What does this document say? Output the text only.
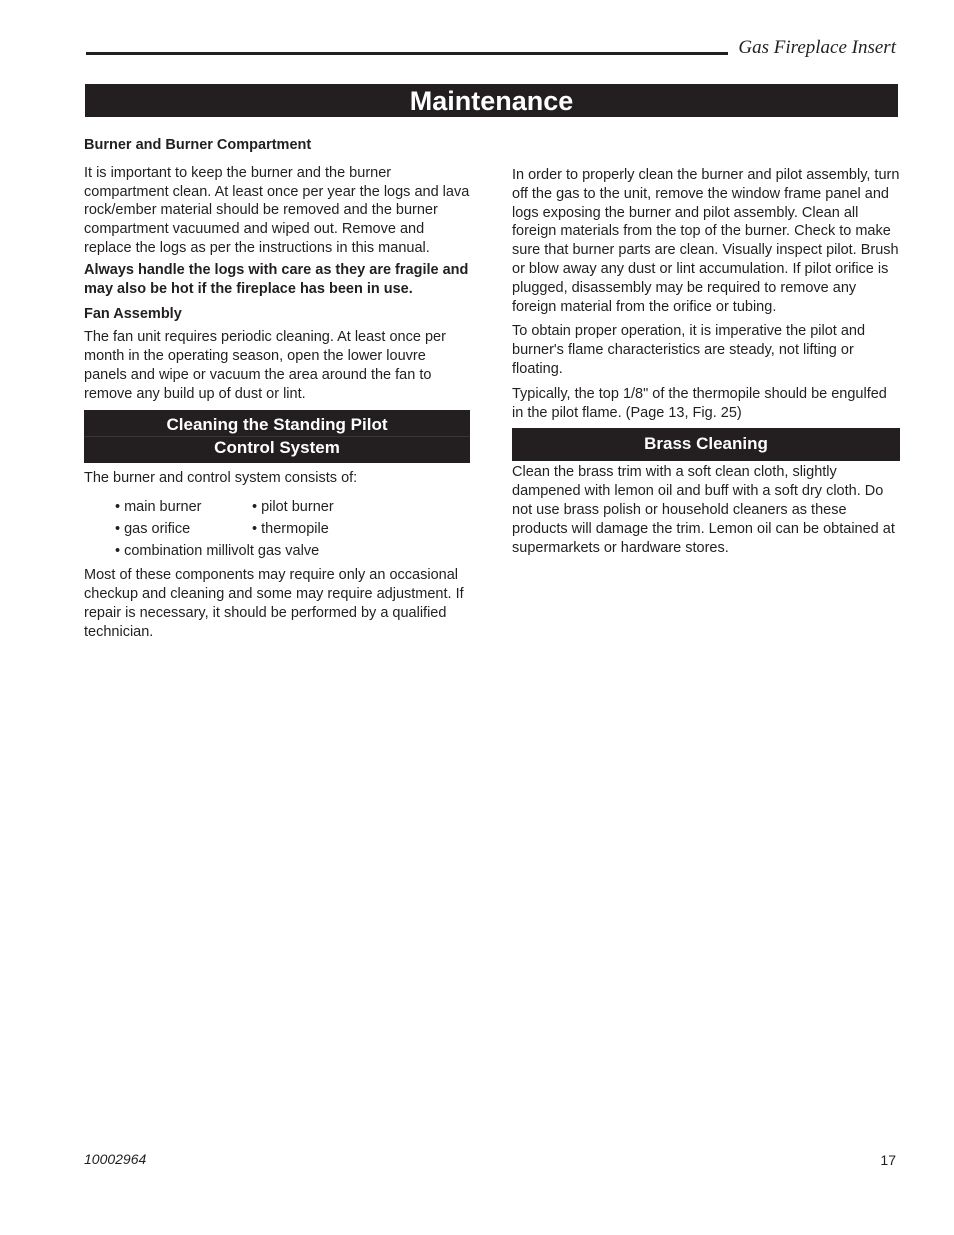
Gas Fireplace Insert
Maintenance

Burner and Burner Compartment

It is important to keep the burner and the burner compartment clean. At least once per year the logs and lava rock/ember material should be removed and the burner compartment vacuumed and wiped out. Remove and replace the logs as per the instructions in this manual.

Always handle the logs with care as they are fragile and may also be hot if the fireplace has been in use.

Fan Assembly

The fan unit requires periodic cleaning. At least once per month in the operating season, open the lower louvre panels and wipe or vacuum the area around the fan to remove any build up of dust or lint.

Cleaning the Standing Pilot
Control System

The burner and control system consists of:

• main burner	• pilot burner
• gas orifice	• thermopile
• combination millivolt gas valve

Most of these components may require only an occasional checkup and cleaning and some may require adjustment. If repair is necessary, it should be performed by a qualified technician.

In order to properly clean the burner and pilot assembly, turn off the gas to the unit, remove the window frame panel and logs exposing the burner and pilot assembly. Clean all foreign materials from the top of the burner. Check to make sure that burner parts are clean. Visually inspect pilot. Brush or blow away any dust or lint accumulation. If pilot orifice is plugged, disassembly may be required to remove any foreign material from the orifice or tubing.

To obtain proper operation, it is imperative the pilot and burner's flame characteristics are steady, not lifting or floating.

Typically, the top 1/8" of the thermopile should be engulfed in the pilot flame. (Page 13, Fig. 25)

Brass Cleaning

Clean the brass trim with a soft clean cloth, slightly dampened with lemon oil and buff with a soft dry cloth. Do not use brass polish or household cleaners as these products will damage the trim. Lemon oil can be obtained at supermarkets or hardware stores.

10002964	17
